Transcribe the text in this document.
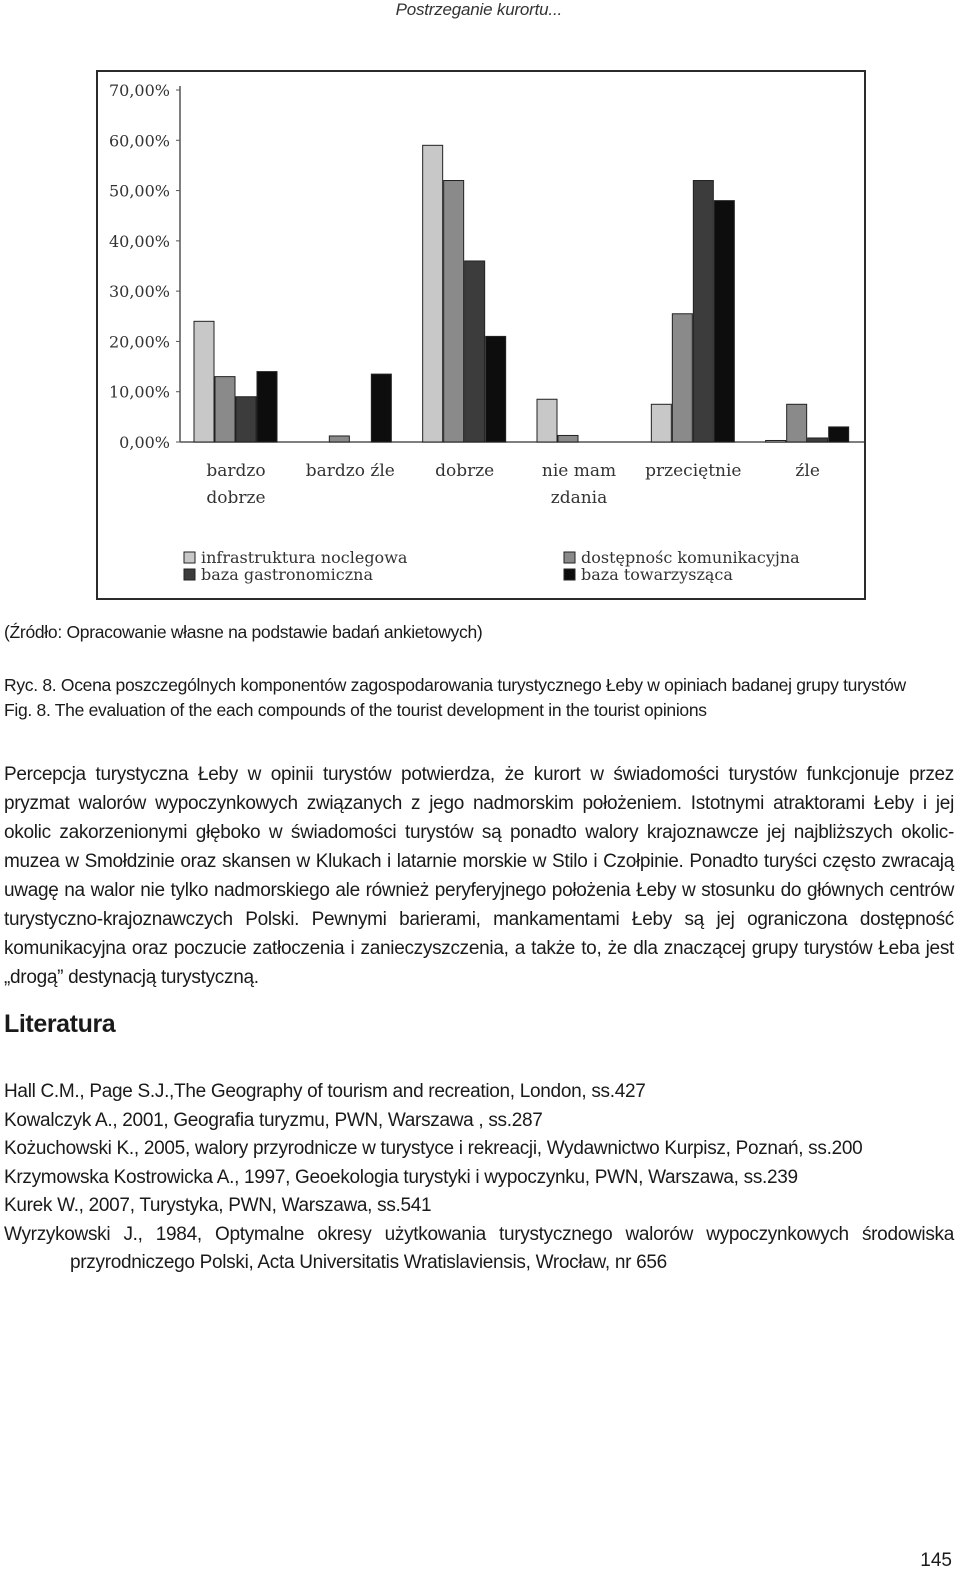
Postrzeganie kurortu...
0,00%
10,00%
20,00%
30,00%
40,00%
50,00%
60,00%
70,00%
bardzo
dobrze
bardzo źle dobrze	nie mam
zdania
przeciętnie	źle
infrastruktura noclegowa	dostępnośc komunikacyjna
baza gastronomiczna	baza towarzysząca
(Źródło: Opracowanie własne na podstawie badań ankietowych)
Ryc. 8. Ocena poszczególnych komponentów zagospodarowania turystycznego Łeby w opiniach badanej grupy turystów
Fig. 8. The evaluation of the each compounds of the tourist development in the tourist opinions

Percepcja turystyczna Łeby w opinii turystów potwierdza, że kurort w świadomości turystów funkcjonuje przez pryzmat walorów wypoczynkowych związanych z jego nadmorskim położeniem. Istotnymi atraktorami Łeby i jej okolic zakorzenionymi głęboko w świadomości turystów są ponadto walory krajoznawcze jej najbliższych okolic- muzea w Smołdzinie oraz skansen w Klukach i latarnie morskie w Stilo i Czołpinie. Ponadto turyści często zwracają uwagę na walor nie tylko nadmorskiego ale również peryferyjnego położenia Łeby w stosunku do głównych centrów turystyczno-krajoznawczych Polski. Pewnymi barierami, mankamentami Łeby są jej ograniczona dostępność komunikacyjna oraz poczucie zatłoczenia i zanieczyszczenia, a także to, że dla znaczącej grupy turystów Łeba jest „drogą” destynacją turystyczną.

Literatura
Hall C.M., Page S.J.,The Geography of tourism and recreation, London, ss.427
Kowalczyk A., 2001, Geografia turyzmu, PWN, Warszawa , ss.287
Kożuchowski K., 2005, walory przyrodnicze w turystyce i rekreacji, Wydawnictwo Kurpisz, Poznań, ss.200
Krzymowska Kostrowicka A., 1997, Geoekologia turystyki i wypoczynku, PWN, Warszawa, ss.239
Kurek W., 2007, Turystyka, PWN, Warszawa, ss.541
Wyrzykowski J., 1984, Optymalne okresy użytkowania turystycznego walorów wypoczynkowych środowiska przyrodniczego Polski, Acta Universitatis Wratislaviensis, Wrocław, nr 656
145
